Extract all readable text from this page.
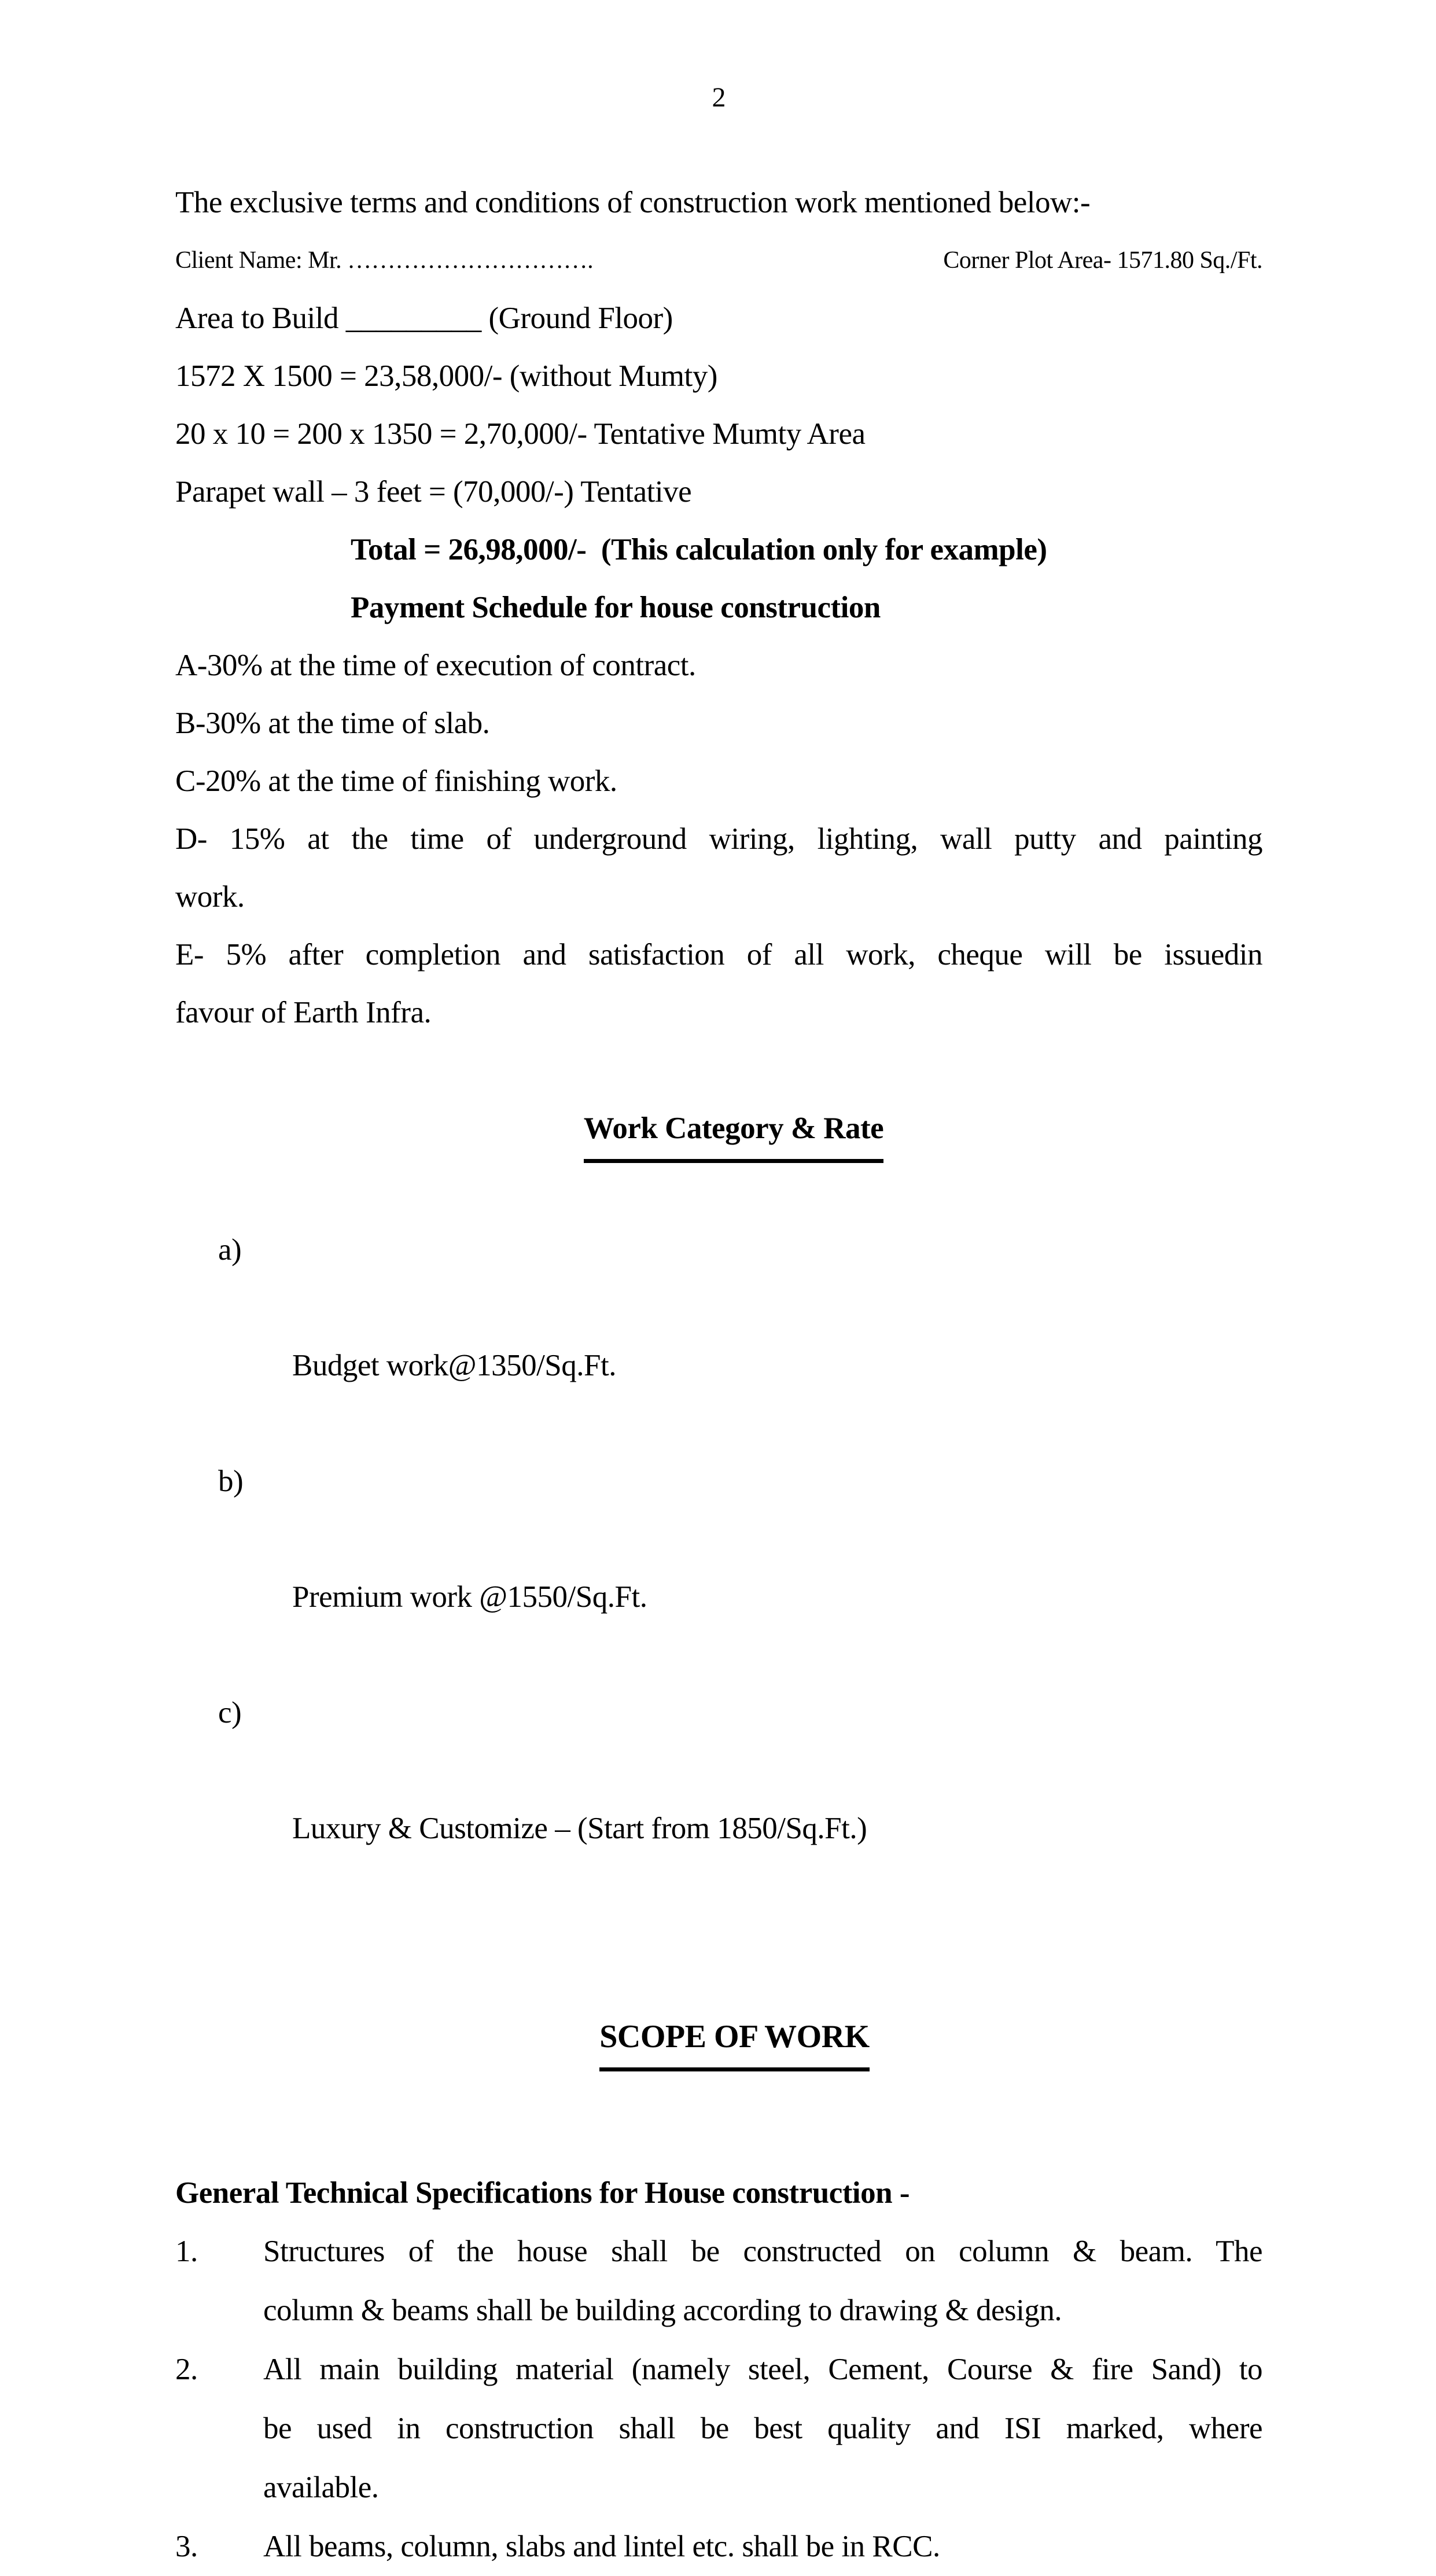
2
The exclusive terms and conditions of construction work mentioned below:-
Client Name: Mr. ………………………….	Corner Plot Area- 1571.80 Sq./Ft.
Area to Build _________ (Ground Floor)
1572 X 1500 = 23,58,000/- (without Mumty)
20 x 10 = 200 x 1350 = 2,70,000/- Tentative Mumty Area
Parapet wall – 3 feet = (70,000/-) Tentative
Total = 26,98,000/-  (This calculation only for example)
Payment Schedule for house construction
A-30% at the time of execution of contract.
B-30% at the time of slab.
C-20% at the time of finishing work.
D- 15% at the time of underground wiring, lighting, wall putty and painting
work.
E- 5% after completion and satisfaction of all work, cheque will be issuedin
favour of Earth Infra.

Work Category & Rate

a)

Budget work@1350/Sq.Ft.

b)

Premium work @1550/Sq.Ft.

c)

Luxury & Customize – (Start from 1850/Sq.Ft.)

SCOPE OF WORK

General Technical Specifications for House construction -
1. Structures of the house shall be constructed on column & beam. The
column & beams shall be building according to drawing & design.
2. All main building material (namely steel, Cement, Course & fire Sand) to
be used in construction shall be best quality and ISI marked, where
available.
3. All beams, column, slabs and lintel etc. shall be in RCC.
